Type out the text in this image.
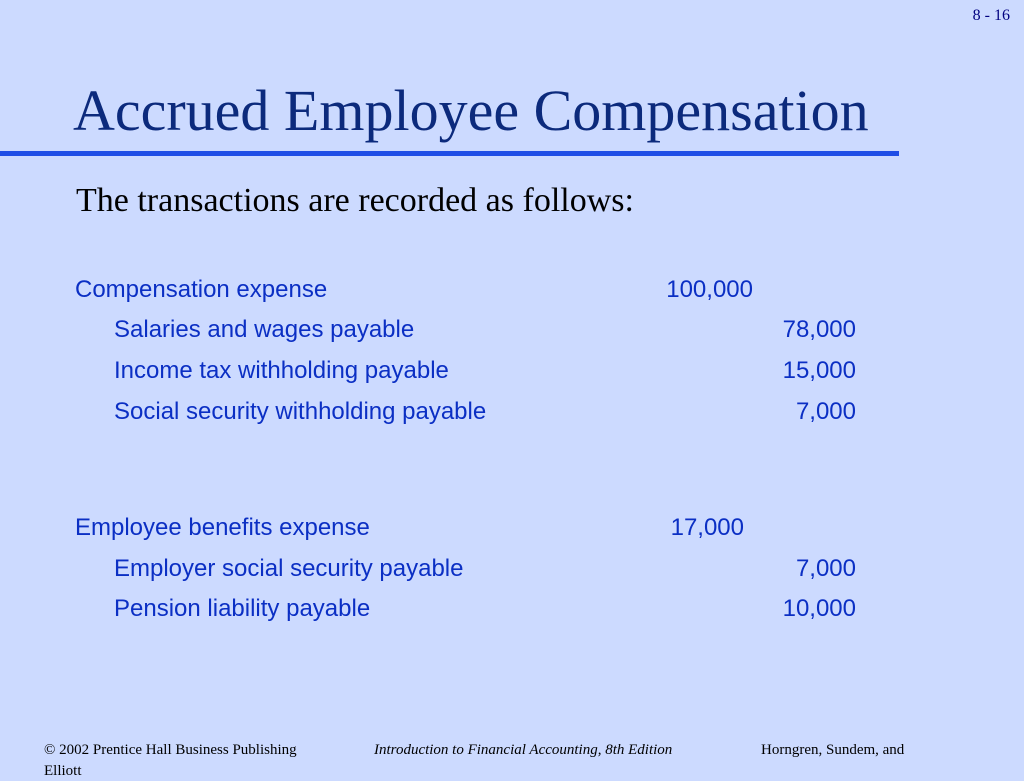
8 - 16
Accrued Employee Compensation
The transactions are recorded as follows:
Compensation expense	100,000
Salaries and wages payable	78,000
Income tax withholding payable	15,000
Social security withholding payable	7,000
Employee benefits expense	17,000
Employer social security payable	7,000
Pension liability payable	10,000
© 2002 Prentice Hall Business Publishing	Introduction to Financial Accounting, 8th Edition	Horngren, Sundem, and
Elliott
